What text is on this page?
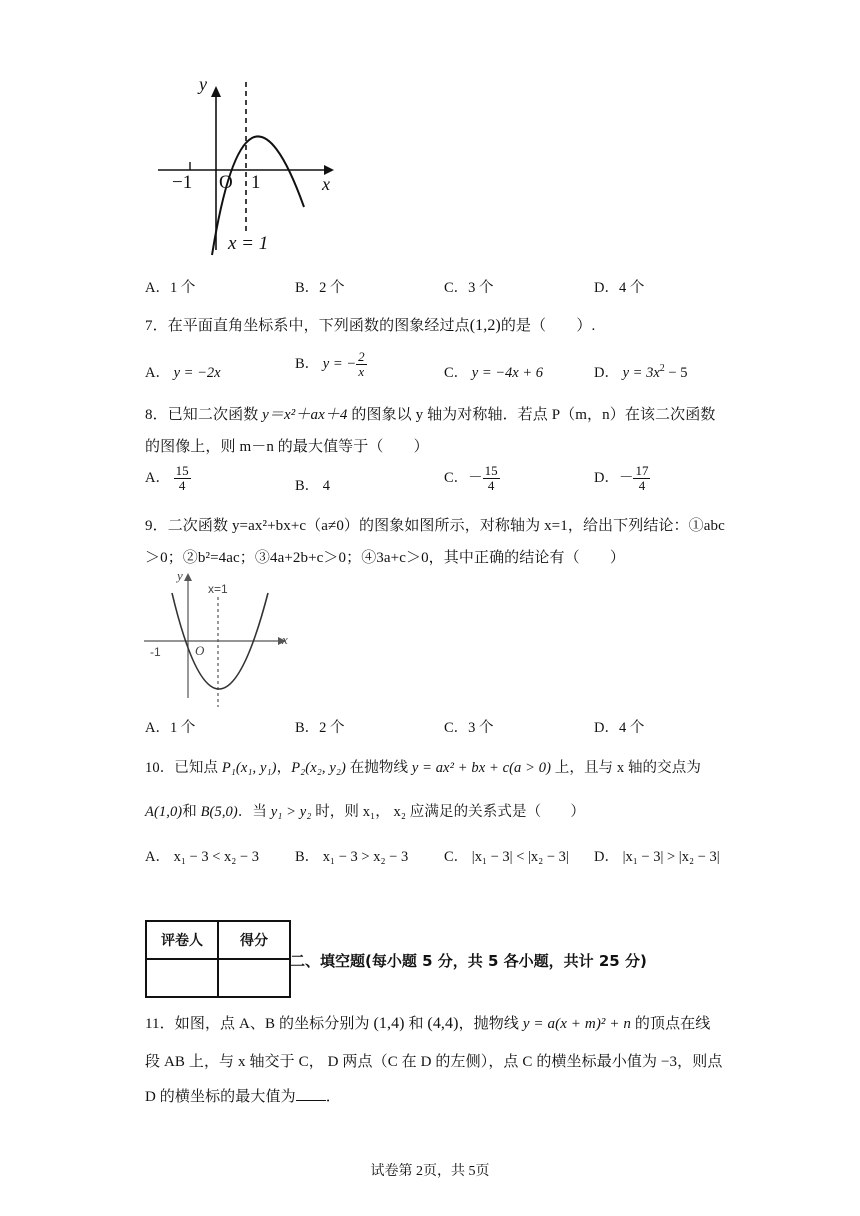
y
x
−1 O 1
x = 1
A．1 个	B．2 个	C．3 个	D．4 个
7．在平面直角坐标系中，下列函数的图象经过点(1,2)的是（　　）.
A． y = −2x
B． y = − $\frac{2}{x}$	C． y = −4x + 6	D． $y = 3x^2 - 5$
8．已知二次函数 y＝x²＋ax＋4 的图象以 y 轴为对称轴．若点 P（m，n）在该二次函数
的图像上，则 m－n 的最大值等于（　　）
A． $\frac{15}{4}$	B． 4	C．－ $\frac{15}{4}$	D．－ $\frac{17}{4}$
9．二次函数 y=ax²+bx+c（a≠0）的图象如图所示，对称轴为 x=1，给出下列结论：①abc
＞0；②b²=4ac；③4a+2b+c＞0；④3a+c＞0，其中正确的结论有（　　）
y
x
x=1
-1	O
A．1 个	B．2 个	C．3 个	D．4 个
10．已知点 P₁(x₁, y₁)，P₂(x₂, y₂) 在抛物线 y = ax² + bx + c(a > 0) 上，且与 x 轴的交点为
A(1,0)和 B(5,0)．当 y₁ > y₂ 时，则 x₁， x₂ 应满足的关系式是（　　）
A． x₁ − 3 < x₂ − 3 B． x₁ − 3 > x₂ − 3 C． |x₁ − 3| < |x₂ − 3| D． |x₁ − 3| > |x₂ − 3|
评卷人	得分

二、填空题(每小题 5 分，共 5 各小题，共计 25 分)
11．如图，点 A、B 的坐标分别为 (1,4) 和 (4,4)，抛物线 y = a(x + m)² + n 的顶点在线
段 AB 上，与 x 轴交于 C， D 两点（C 在 D 的左侧），点 C 的横坐标最小值为 −3，则点
D 的横坐标的最大值为 ．
试卷第 2页，共 5页
